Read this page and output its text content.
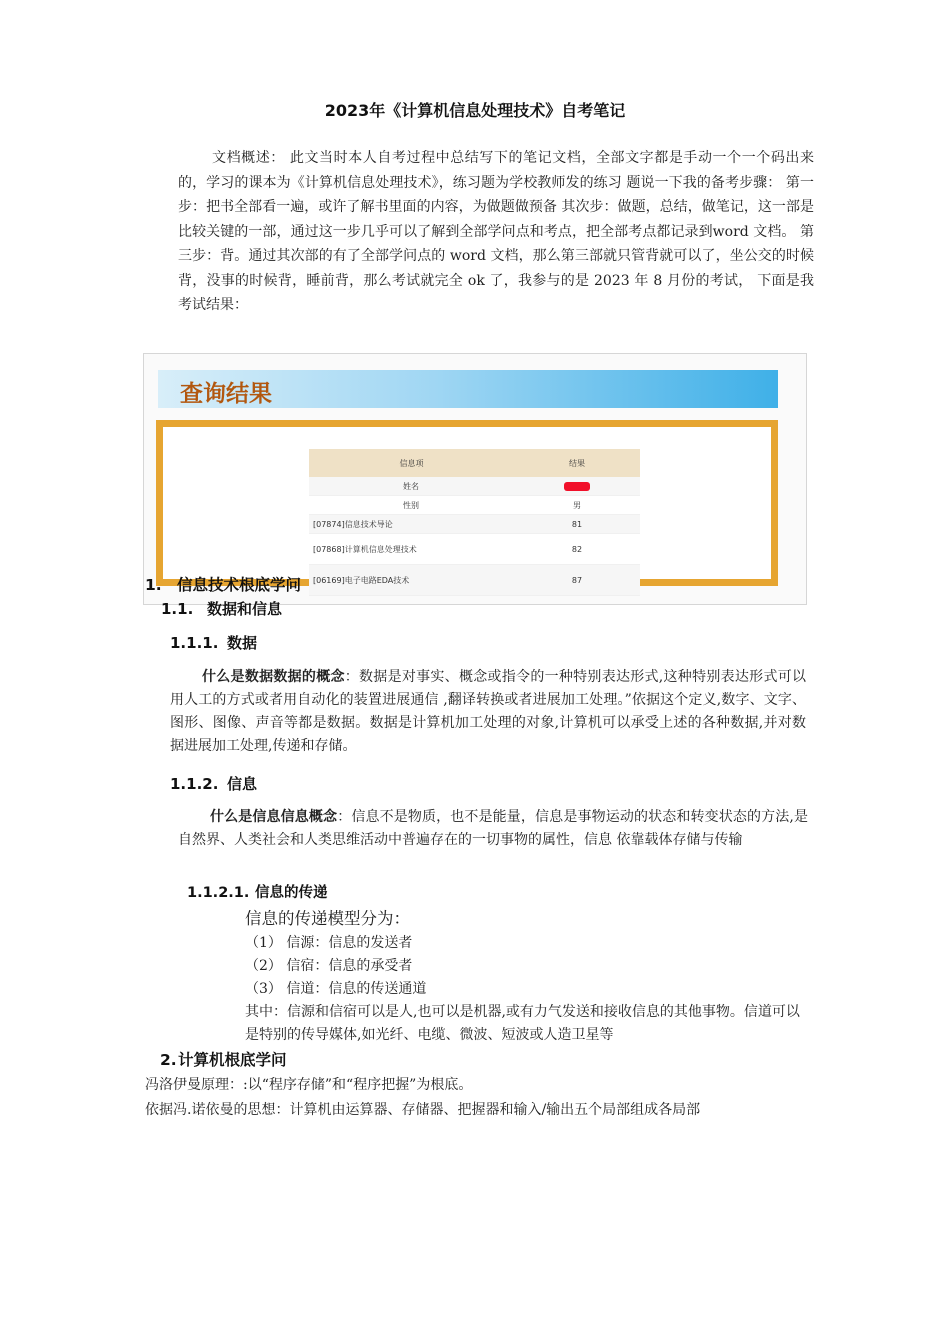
2023年《计算机信息处理技术》自考笔记

文档概述： 此文当时本人自考过程中总结写下的笔记文档，全部文字都是手动一个一个码出来的，学习的课本为《计算机信息处理技术》，练习题为学校教师发的练习 题说一下我的备考步骤： 第一步：把书全部看一遍，或许了解书里面的内容，为做题做预备 其次步：做题，总结，做笔记，这一部是比较关键的一部，通过这一步几乎可以了解到全部学问点和考点，把全部考点都记录到word 文档。 第三步：背。通过其次部的有了全部学问点的 word 文档，那么第三部就只管背就可以了，坐公交的时候背，没事的时候背，睡前背，那么考试就完全 ok 了，我参与的是 2023 年 8 月份的考试， 下面是我考试结果：

查询结果
信息项	结果
姓名	
性别	男
[07874]信息技术导论	81
[07868]计算机信息处理技术	82
[06169]电子电路EDA技术	87
1. 信息技术根底学问
1.1. 数据和信息
1.1.1. 数据

什么是数据数据的概念：数据是对事实、概念或指令的一种特别表达形式,这种特别表达形式可以用人工的方式或者用自动化的装置进展通信 ,翻译转换或者进展加工处理。”依据这个定义,数字、文字、图形、图像、声音等都是数据。数据是计算机加工处理的对象,计算机可以承受上述的各种数据,并对数据进展加工处理,传递和存储。

1.1.2. 信息

什么是信息信息概念：信息不是物质，也不是能量，信息是事物运动的状态和转变状态的方法,是自然界、人类社会和人类思维活动中普遍存在的一切事物的属性，信息 依靠载体存储与传输

1.1.2.1. 信息的传递
信息的传递模型分为：
（1） 信源：信息的发送者
（2） 信宿：信息的承受者
（3） 信道：信息的传送通道
其中：信源和信宿可以是人,也可以是机器,或有力气发送和接收信息的其他事物。信道可以是特别的传导媒体,如光纤、电缆、微波、短波或人造卫星等
2.计算机根底学问
冯洛伊曼原理：:以“程序存储”和“程序把握”为根底。
依据冯.诺依曼的思想：计算机由运算器、存储器、把握器和输入/输出五个局部组成各局部
